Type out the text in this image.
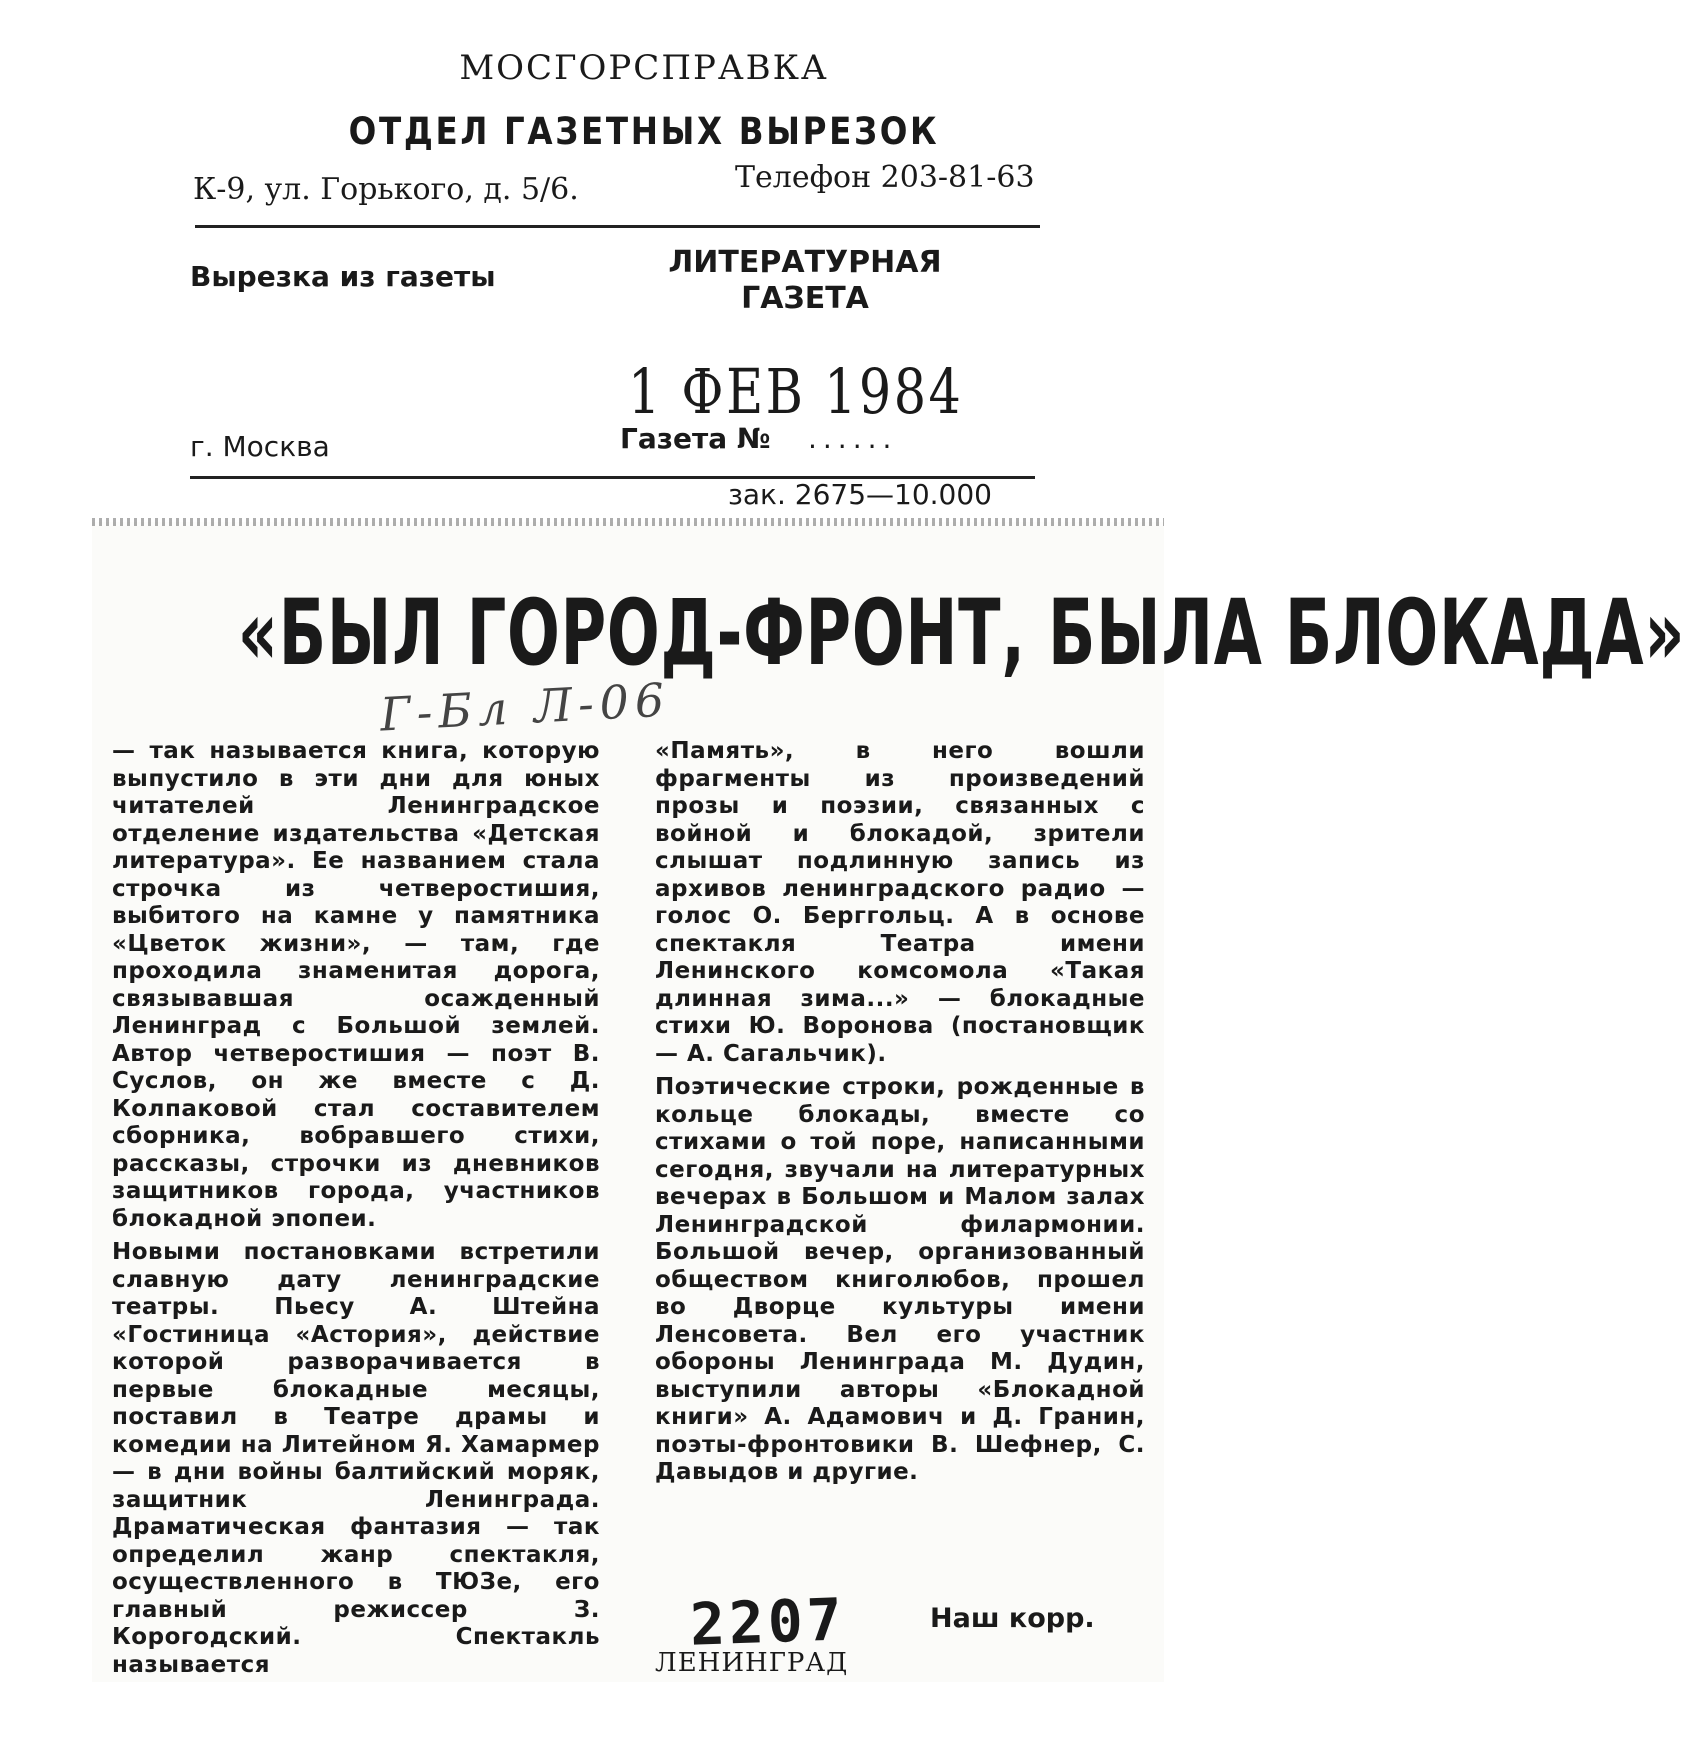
МОСГОРСПРАВКА
ОТДЕЛ ГАЗЕТНЫХ ВЫРЕЗОК
К-9, ул. Горького, д. 5/6.	Телефон 203-81-63
Вырезка из газеты	ЛИТЕРАТУРНАЯ ГАЗЕТА
1 ФЕВ 1984
г. Москва	Газета № ......
зак. 2675—10.000
«БЫЛ ГОРОД-ФРОНТ, БЫЛА БЛОКАДА»
Г-Бл Л-06

— так называется книга, которую выпустило в эти дни для юных читателей Ленинградское отделение издательства «Детская литература». Ее названием стала строчка из четверостишия, выбитого на камне у памятника «Цветок жизни», — там, где проходила знаменитая дорога, связывавшая осажденный Ленинград с Большой землей. Автор четверостишия — поэт В. Суслов, он же вместе с Д. Колпаковой стал составителем сборника, вобравшего стихи, рассказы, строчки из дневников защитников города, участников блокадной эпопеи.

Новыми постановками встретили славную дату ленинградские театры. Пьесу А. Штейна «Гостиница «Астория», действие которой разворачивается в первые блокадные месяцы, поставил в Театре драмы и комедии на Литейном Я. Хамармер — в дни войны балтийский моряк, защитник Ленинграда. Драматическая фантазия — так определил жанр спектакля, осуществленного в ТЮЗе, его главный режиссер З. Корогодский. Спектакль называется

«Память», в него вошли фрагменты из произведений прозы и поэзии, связанных с войной и блокадой, зрители слышат подлинную запись из архивов ленинградского радио — голос О. Берггольц. А в основе спектакля Театра имени Ленинского комсомола «Такая длинная зима...» — блокадные стихи Ю. Воронова (постановщик — А. Сагальчик).

Поэтические строки, рожденные в кольце блокады, вместе со стихами о той поре, написанными сегодня, звучали на литературных вечерах в Большом и Малом залах Ленинградской филармонии. Большой вечер, организованный обществом книголюбов, прошел во Дворце культуры имени Ленсовета. Вел его участник обороны Ленинграда М. Дудин, выступили авторы «Блокадной книги» А. Адамович и Д. Гранин, поэты-фронтовики В. Шефнер, С. Давыдов и другие.

2207	Наш корр.
ЛЕНИНГРАД
